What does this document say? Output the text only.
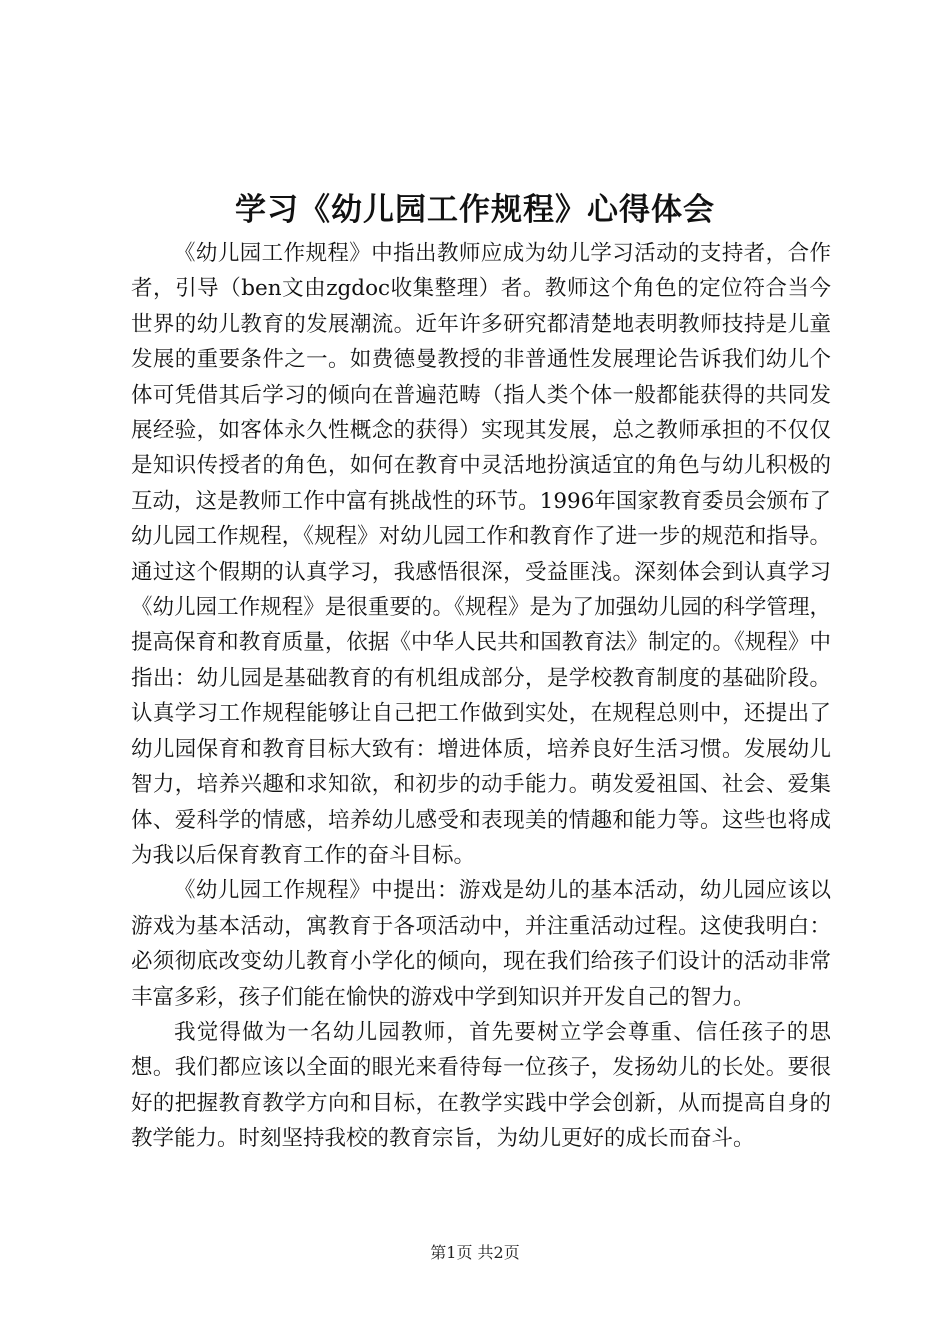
学习《幼儿园工作规程》心得体会

《幼儿园工作规程》中指出教师应成为幼儿学习活动的支持者，合作者，引导（ben文由zgdoc收集整理）者。教师这个角色的定位符合当今世界的幼儿教育的发展潮流。近年许多研究都清楚地表明教师技持是儿童发展的重要条件之一。如费德曼教授的非普通性发展理论告诉我们幼儿个体可凭借其后学习的倾向在普遍范畴（指人类个体一般都能获得的共同发展经验，如客体永久性概念的获得）实现其发展，总之教师承担的不仅仅是知识传授者的角色，如何在教育中灵活地扮演适宜的角色与幼儿积极的互动，这是教师工作中富有挑战性的环节。1996年国家教育委员会颁布了幼儿园工作规程，《规程》对幼儿园工作和教育作了进一步的规范和指导。通过这个假期的认真学习，我感悟很深，受益匪浅。深刻体会到认真学习《幼儿园工作规程》是很重要的。《规程》是为了加强幼儿园的科学管理，提高保育和教育质量，依据《中华人民共和国教育法》制定的。《规程》中指出：幼儿园是基础教育的有机组成部分，是学校教育制度的基础阶段。认真学习工作规程能够让自己把工作做到实处，在规程总则中，还提出了幼儿园保育和教育目标大致有：增进体质，培养良好生活习惯。发展幼儿智力，培养兴趣和求知欲，和初步的动手能力。萌发爱祖国、社会、爱集体、爱科学的情感，培养幼儿感受和表现美的情趣和能力等。这些也将成为我以后保育教育工作的奋斗目标。

《幼儿园工作规程》中提出：游戏是幼儿的基本活动，幼儿园应该以游戏为基本活动，寓教育于各项活动中，并注重活动过程。这使我明白：必须彻底改变幼儿教育小学化的倾向，现在我们给孩子们设计的活动非常丰富多彩，孩子们能在愉快的游戏中学到知识并开发自己的智力。

我觉得做为一名幼儿园教师，首先要树立学会尊重、信任孩子的思想。我们都应该以全面的眼光来看待每一位孩子，发扬幼儿的长处。要很好的把握教育教学方向和目标，在教学实践中学会创新，从而提高自身的教学能力。时刻坚持我校的教育宗旨，为幼儿更好的成长而奋斗。

第1页 共2页
